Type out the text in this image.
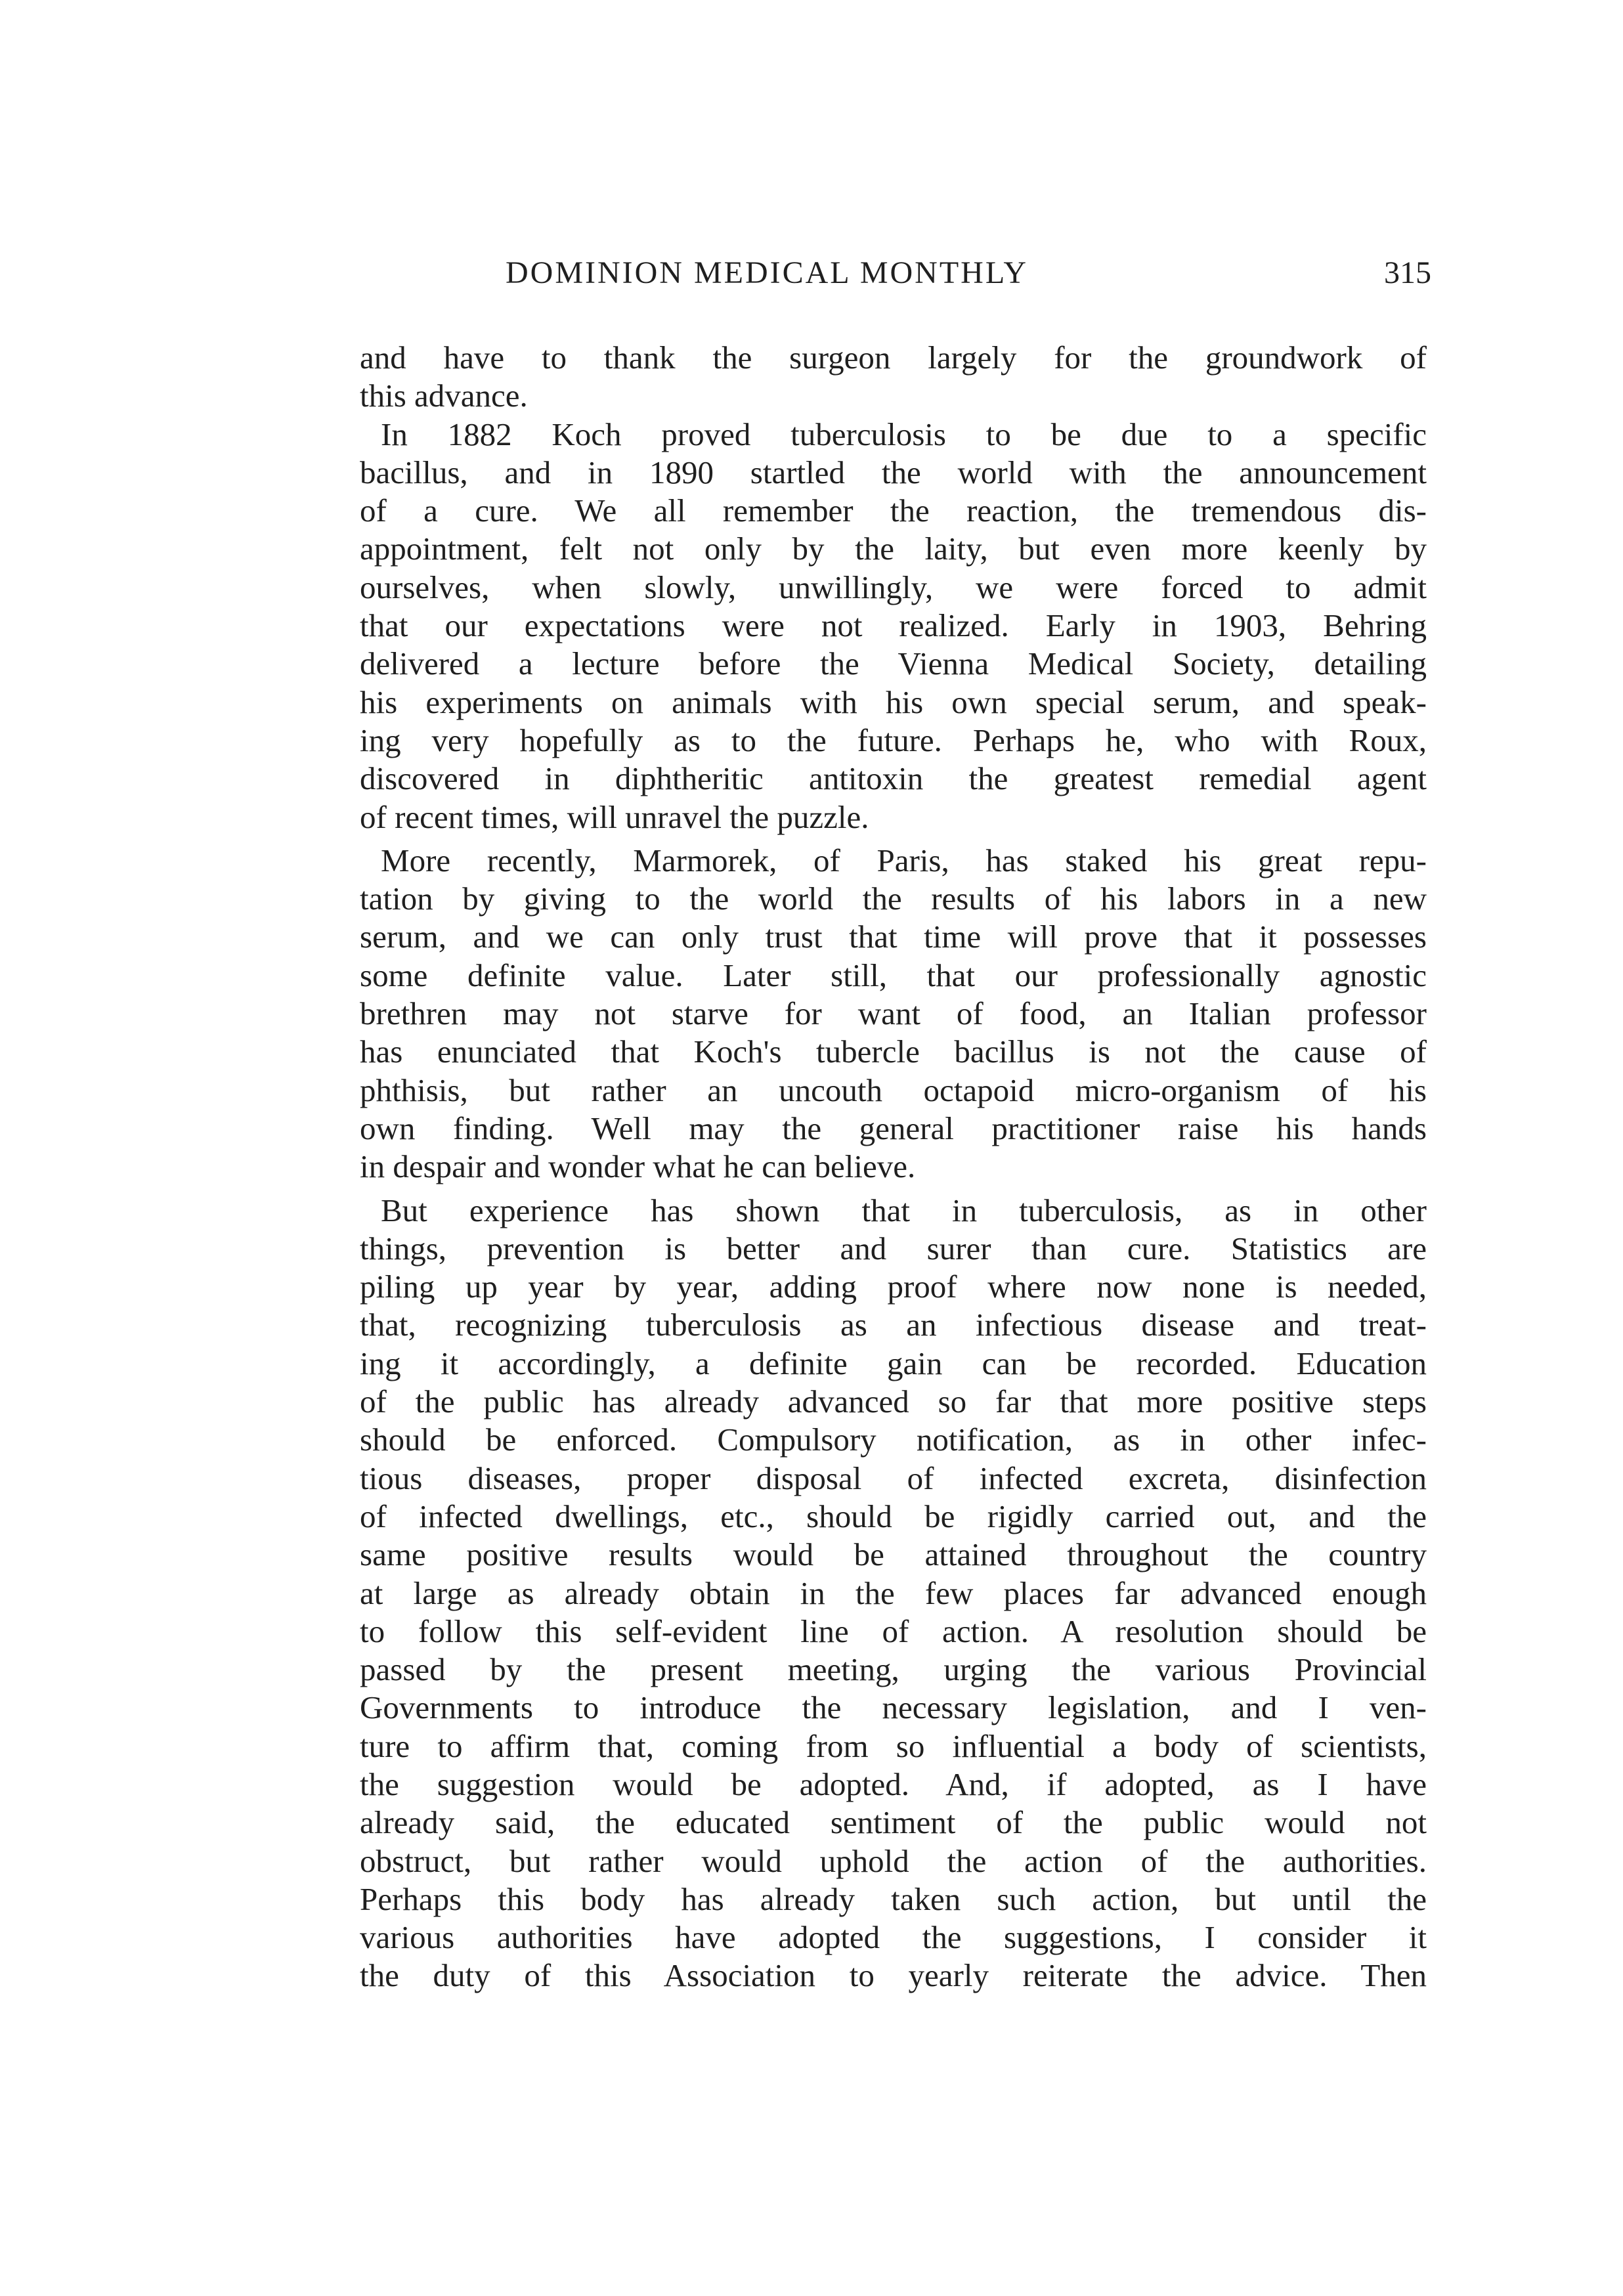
DOMINION MEDICAL MONTHLY	315
and have to thank the surgeon largely for the groundwork of
this advance.
In 1882 Koch proved tuberculosis to be due to a specific
bacillus, and in 1890 startled the world with the announcement
of a cure. We all remember the reaction, the tremendous dis-
appointment, felt not only by the laity, but even more keenly by
ourselves, when slowly, unwillingly, we were forced to admit
that our expectations were not realized. Early in 1903, Behring
delivered a lecture before the Vienna Medical Society, detailing
his experiments on animals with his own special serum, and speak-
ing very hopefully as to the future. Perhaps he, who with Roux,
discovered in diphtheritic antitoxin the greatest remedial agent
of recent times, will unravel the puzzle.
More recently, Marmorek, of Paris, has staked his great repu-
tation by giving to the world the results of his labors in a new
serum, and we can only trust that time will prove that it possesses
some definite value. Later still, that our professionally agnostic
brethren may not starve for want of food, an Italian professor
has enunciated that Koch's tubercle bacillus is not the cause of
phthisis, but rather an uncouth octapoid micro-organism of his
own finding. Well may the general practitioner raise his hands
in despair and wonder what he can believe.
But experience has shown that in tuberculosis, as in other
things, prevention is better and surer than cure. Statistics are
piling up year by year, adding proof where now none is needed,
that, recognizing tuberculosis as an infectious disease and treat-
ing it accordingly, a definite gain can be recorded. Education
of the public has already advanced so far that more positive steps
should be enforced. Compulsory notification, as in other infec-
tious diseases, proper disposal of infected excreta, disinfection
of infected dwellings, etc., should be rigidly carried out, and the
same positive results would be attained throughout the country
at large as already obtain in the few places far advanced enough
to follow this self-evident line of action. A resolution should be
passed by the present meeting, urging the various Provincial
Governments to introduce the necessary legislation, and I ven-
ture to affirm that, coming from so influential a body of scientists,
the suggestion would be adopted. And, if adopted, as I have
already said, the educated sentiment of the public would not
obstruct, but rather would uphold the action of the authorities.
Perhaps this body has already taken such action, but until the
various authorities have adopted the suggestions, I consider it
the duty of this Association to yearly reiterate the advice. Then
